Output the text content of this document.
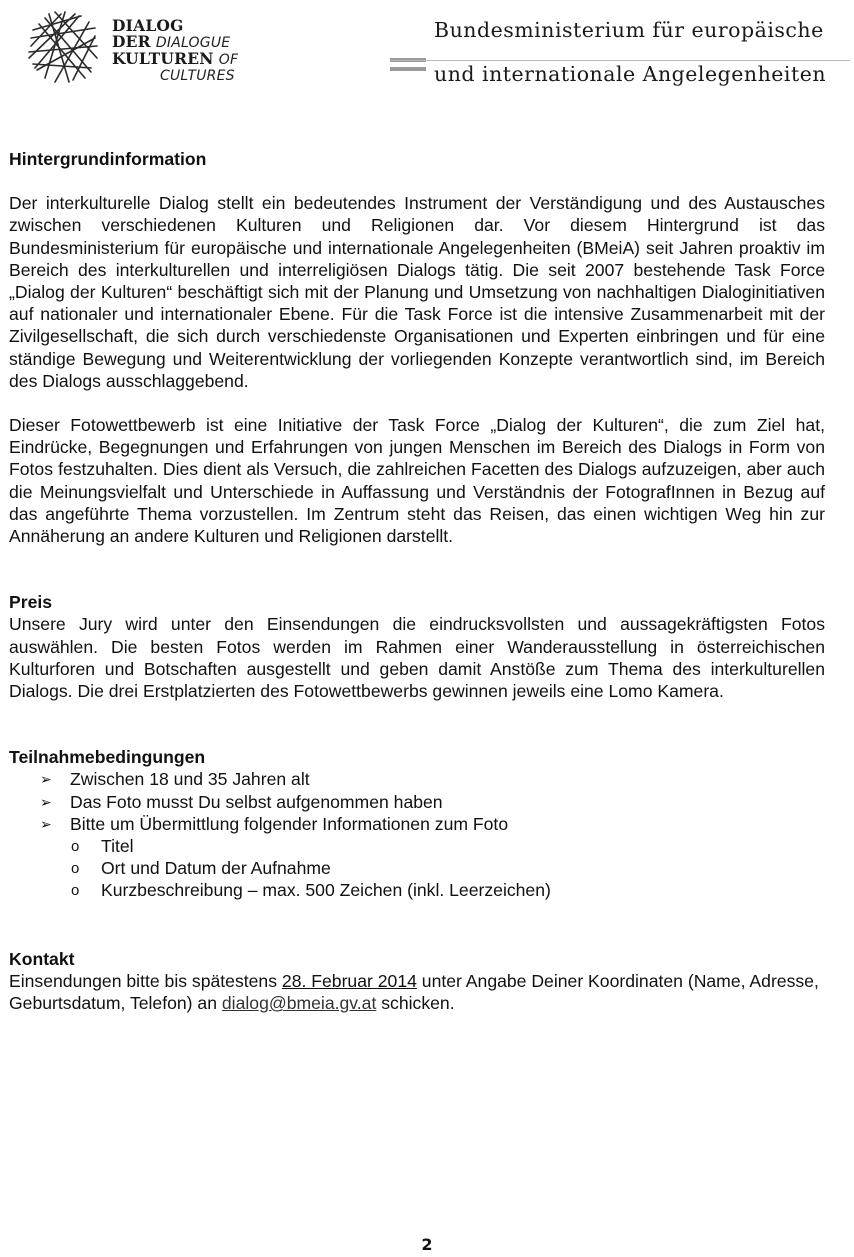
DIALOG
DER DIALOGUE
KULTUREN OF
CULTURES
Bundesministerium für europäische
und internationale Angelegenheiten
Hintergrundinformation

Der interkulturelle Dialog stellt ein bedeutendes Instrument der Verständigung und des Austausches zwischen verschiedenen Kulturen und Religionen dar. Vor diesem Hintergrund ist das Bundesministerium für europäische und internationale Angelegenheiten (BMeiA) seit Jahren proaktiv im Bereich des interkulturellen und interreligiösen Dialogs tätig. Die seit 2007 bestehende Task Force „Dialog der Kulturen“ beschäftigt sich mit der Planung und Umsetzung von nachhaltigen Dialoginitiativen auf nationaler und internationaler Ebene. Für die Task Force ist die intensive Zusammenarbeit mit der Zivilgesellschaft, die sich durch verschiedenste Organisationen und Experten einbringen und für eine ständige Bewegung und Weiterentwicklung der vorliegenden Konzepte verantwortlich sind, im Bereich des Dialogs ausschlaggebend.

Dieser Fotowettbewerb ist eine Initiative der Task Force „Dialog der Kulturen“, die zum Ziel hat, Eindrücke, Begegnungen und Erfahrungen von jungen Menschen im Bereich des Dialogs in Form von Fotos festzuhalten. Dies dient als Versuch, die zahlreichen Facetten des Dialogs aufzuzeigen, aber auch die Meinungsvielfalt und Unterschiede in Auffassung und Verständnis der FotografInnen in Bezug auf das angeführte Thema vorzustellen. Im Zentrum steht das Reisen, das einen wichtigen Weg hin zur Annäherung an andere Kulturen und Religionen darstellt.

Preis

Unsere Jury wird unter den Einsendungen die eindrucksvollsten und aussagekräftigsten Fotos auswählen. Die besten Fotos werden im Rahmen einer Wanderausstellung in österreichischen Kulturforen und Botschaften ausgestellt und geben damit Anstöße zum Thema des interkulturellen Dialogs. Die drei Erstplatzierten des Fotowettbewerbs gewinnen jeweils eine Lomo Kamera.

Teilnahmebedingungen
➢ Zwischen 18 und 35 Jahren alt
➢ Das Foto musst Du selbst aufgenommen haben
➢ Bitte um Übermittlung folgender Informationen zum Foto
o Titel
o Ort und Datum der Aufnahme
o Kurzbeschreibung – max. 500 Zeichen (inkl. Leerzeichen)
Kontakt

Einsendungen bitte bis spätestens 28. Februar 2014 unter Angabe Deiner Koordinaten (Name, Adresse, Geburtsdatum, Telefon) an dialog@bmeia.gv.at schicken.

2
